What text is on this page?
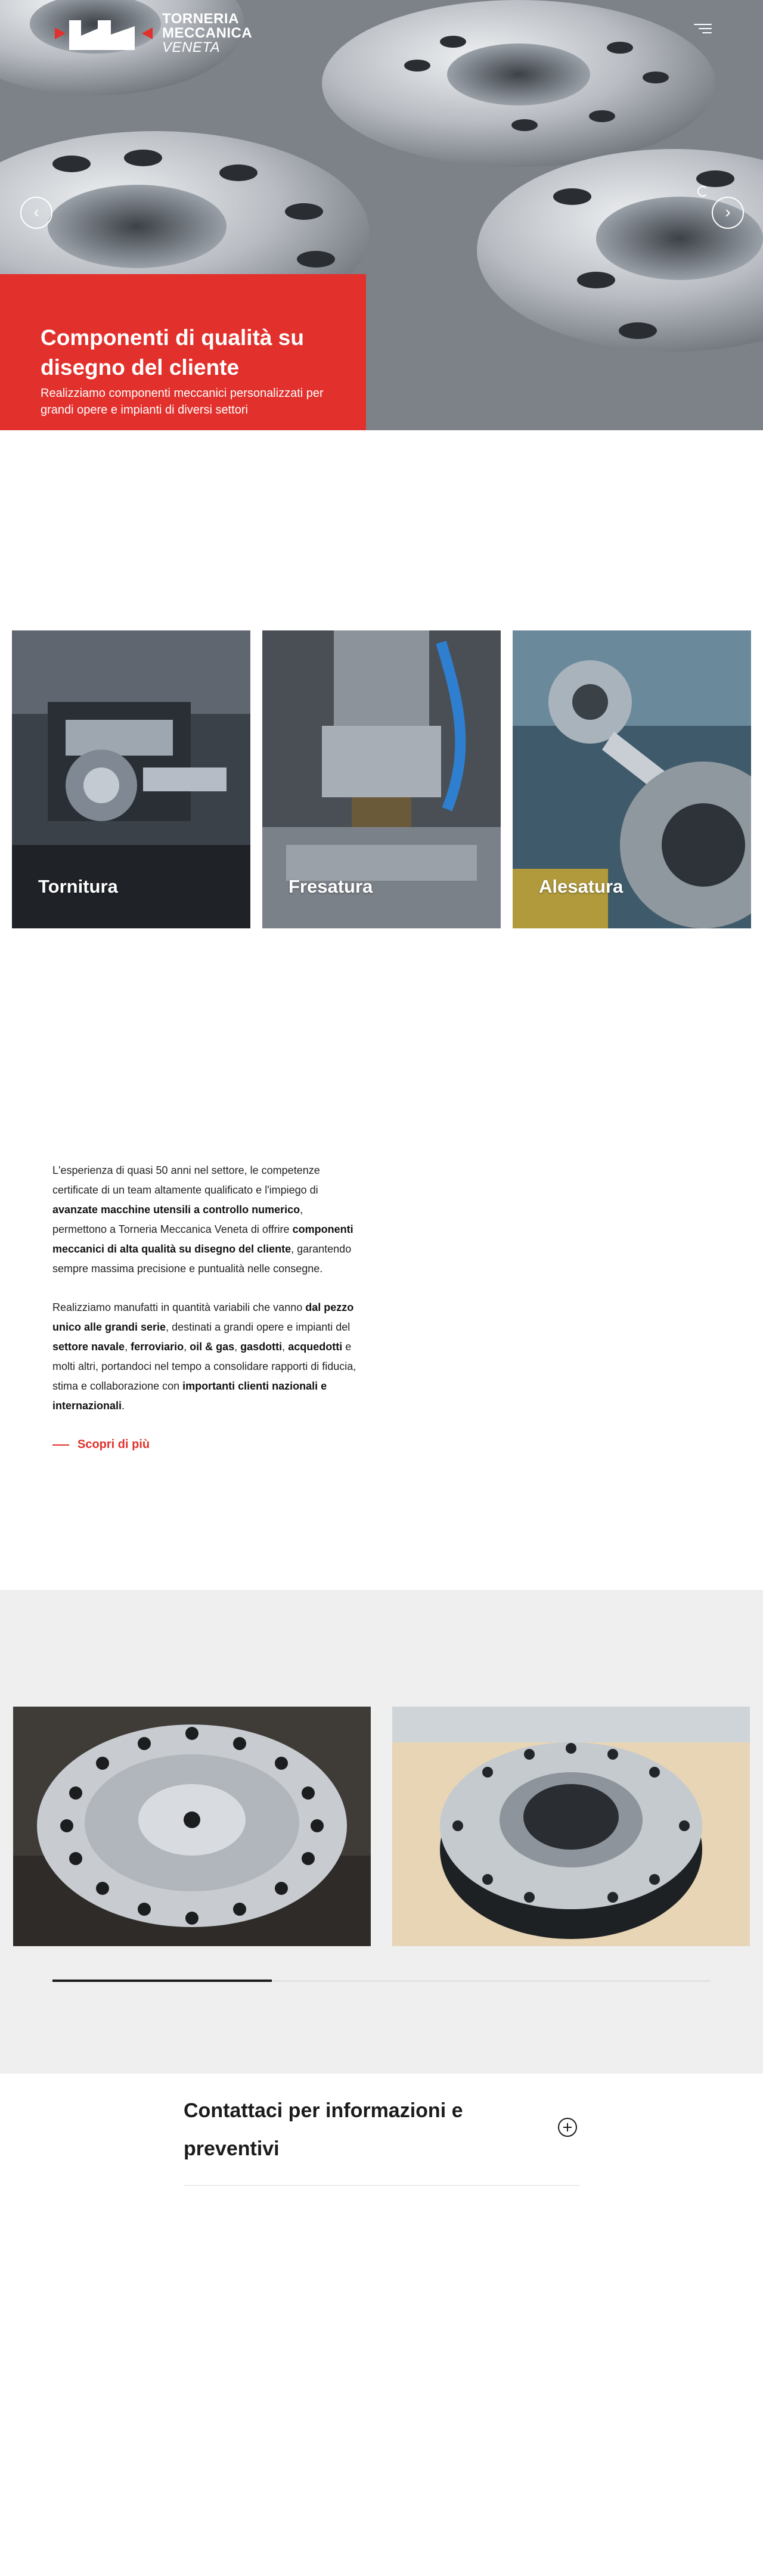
TORNERIA
MECCANICA
VENETA
‹	›
Componenti di qualità su disegno del cliente

Realizziamo componenti meccanici personalizzati per grandi opere e impianti di diversi settori

Tornitura	Fresatura	Alesatura

L'esperienza di quasi 50 anni nel settore, le competenze certificate di un team altamente qualificato e l'impiego di avanzate macchine utensili a controllo numerico, permettono a Torneria Meccanica Veneta di offrire componenti meccanici di alta qualità su disegno del cliente, garantendo sempre massima precisione e puntualità nelle consegne.

Realizziamo manufatti in quantità variabili che vanno dal pezzo unico alle grandi serie, destinati a grandi opere e impianti del settore navale, ferroviario, oil & gas, gasdotti, acquedotti e molti altri, portandoci nel tempo a consolidare rapporti di fiducia, stima e collaborazione con importanti clienti nazionali e internazionali.

Scopri di più
Contattaci per informazioni e preventivi
